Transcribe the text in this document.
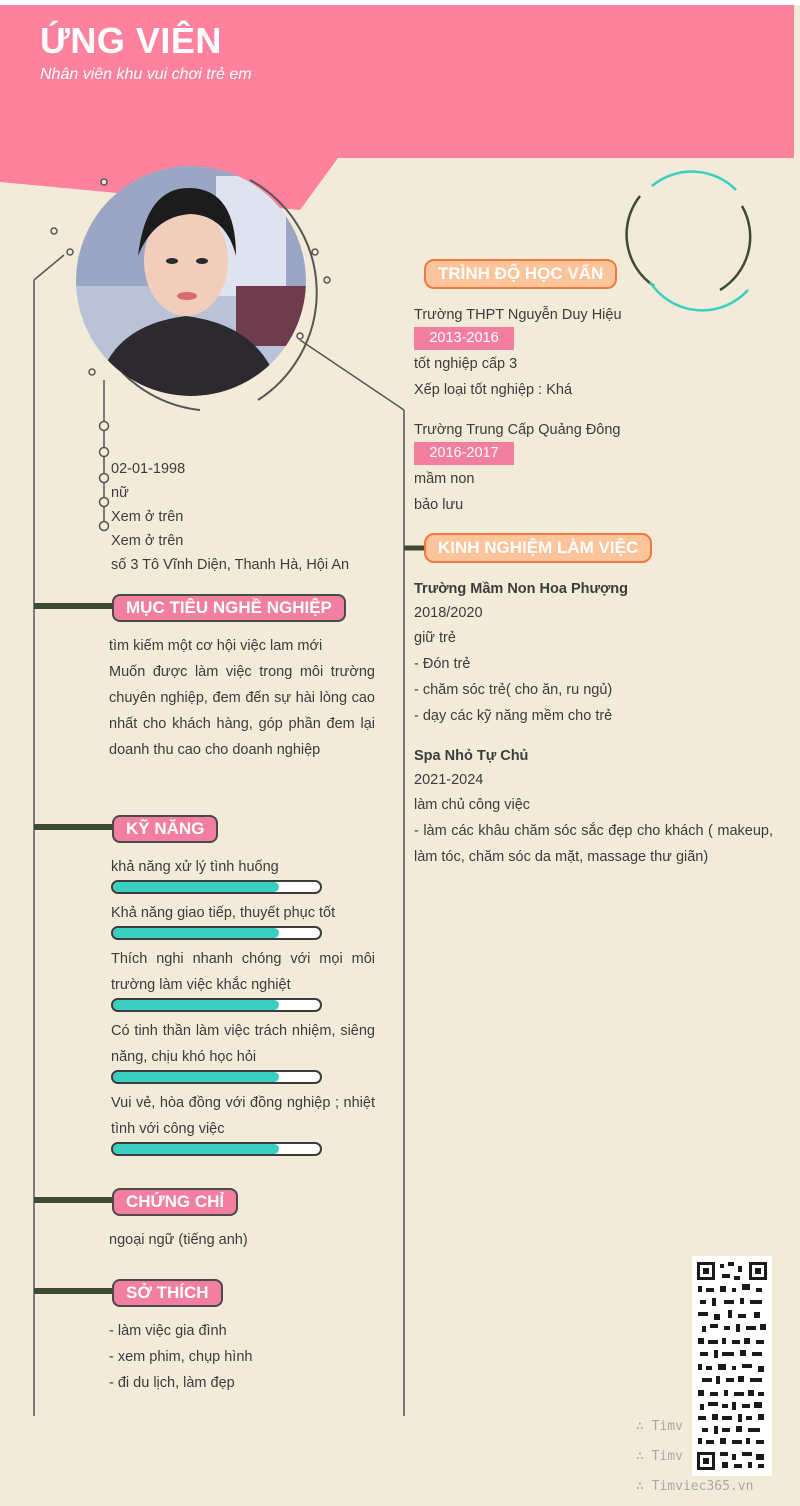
ỨNG VIÊN
Nhân viên khu vui chơi trẻ em
02-01-1998
nữ
Xem ở trên
Xem ở trên
số 3 Tô Vĩnh Diện, Thanh Hà, Hội An
MỤC TIÊU NGHỀ NGHIỆP
tìm kiếm một cơ hội việc lam mới
Muốn được làm việc trong môi trường chuyên nghiệp, đem đến sự hài lòng cao nhất cho khách hàng, góp phần đem lại doanh thu cao cho doanh nghiệp
KỸ NĂNG
khả năng xử lý tình huống
Khả năng giao tiếp, thuyết phục tốt
Thích nghi nhanh chóng với mọi môi trường làm việc khắc nghiệt
Có tinh thần làm việc trách nhiệm, siêng năng, chịu khó học hỏi
Vui vẻ, hòa đồng với đồng nghiệp ; nhiệt tình với công việc
CHỨNG CHỈ
ngoại ngữ (tiếng anh)
SỞ THÍCH
- làm việc gia đình
- xem phim, chụp hình
- đi du lịch, làm đẹp
TRÌNH ĐỘ HỌC VẤN
Trường THPT Nguyễn Duy Hiệu
2013-2016
tốt nghiệp cấp 3
Xếp loại tốt nghiệp : Khá
Trường Trung Cấp Quảng Đông
2016-2017
mầm non
bảo lưu
KINH NGHIỆM LÀM VIỆC
Trường Mầm Non Hoa Phượng
2018/2020
giữ trẻ
- Đón trẻ
- chăm sóc trẻ( cho ăn, ru ngủ)
- dạy các kỹ năng mềm cho trẻ
Spa Nhỏ Tự Chủ
2021-2024
làm chủ công việc
- làm các khâu chăm sóc sắc đẹp cho khách ( makeup, làm tóc, chăm sóc da mặt, massage thư giãn)
∴ Timv
∴ Timv
∴ Timviec365.vn
